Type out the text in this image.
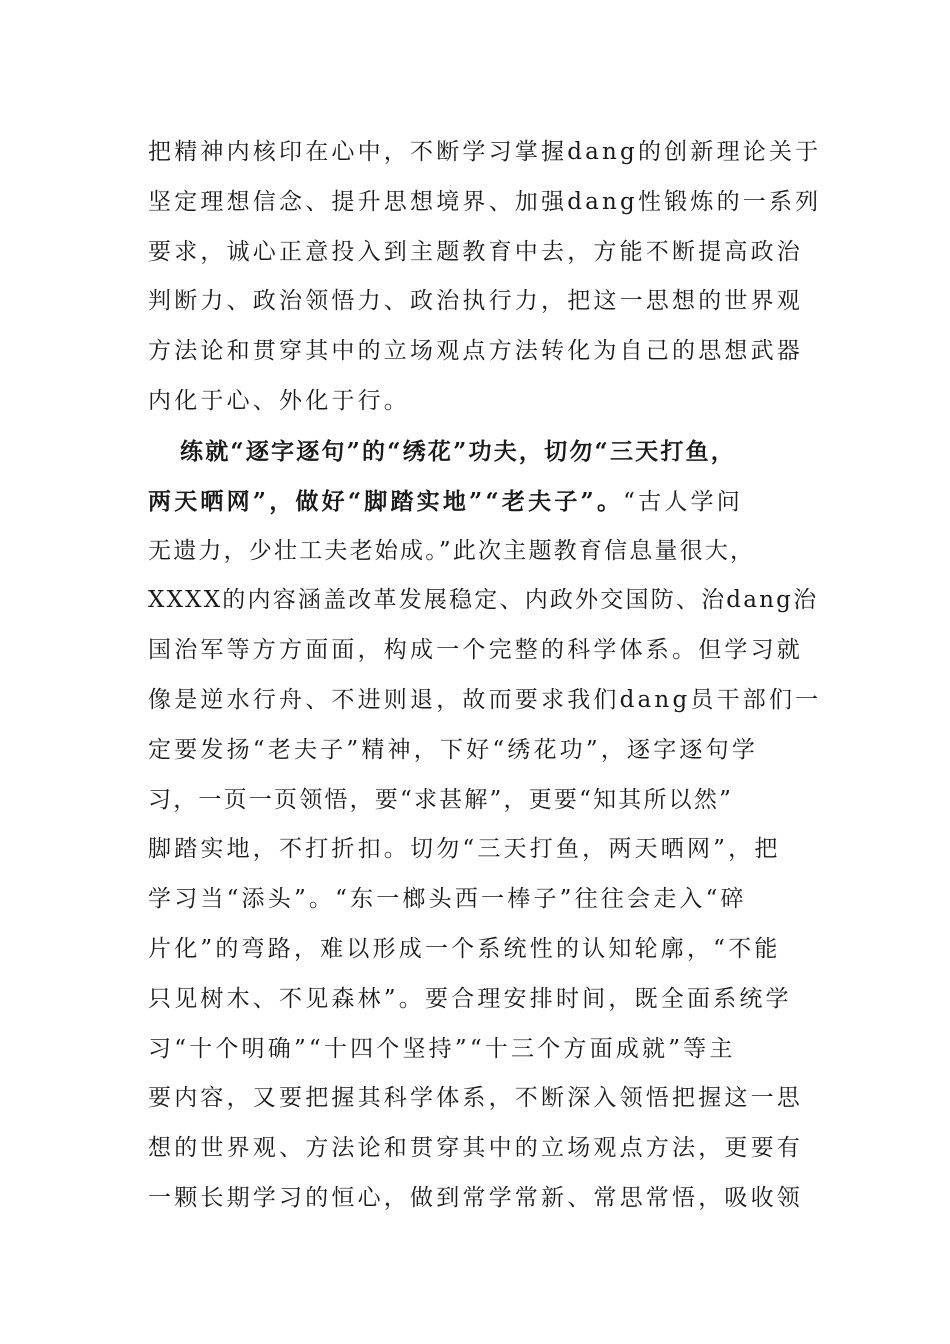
把精神内核印在心中，不断学习掌握dang的创新理论关于
坚定理想信念、提升思想境界、加强dang性锻炼的一系列
要求，诚心正意投入到主题教育中去，方能不断提高政治
判断力、政治领悟力、政治执行力，把这一思想的世界观
方法论和贯穿其中的立场观点方法转化为自己的思想武器
内化于心、外化于行。
练就“逐字逐句”的“绣花”功夫，切勿“三天打鱼，
两天晒网”，做好“脚踏实地”“老夫子”。“古人学问
无遗力，少壮工夫老始成。”此次主题教育信息量很大，
XXXX的内容涵盖改革发展稳定、内政外交国防、治dang治
国治军等方方面面，构成一个完整的科学体系。但学习就
像是逆水行舟、不进则退，故而要求我们dang员干部们一
定要发扬“老夫子”精神，下好“绣花功”，逐字逐句学
习，一页一页领悟，要“求甚解”，更要“知其所以然”
脚踏实地，不打折扣。切勿“三天打鱼，两天晒网”，把
学习当“添头”。“东一榔头西一棒子”往往会走入“碎
片化”的弯路，难以形成一个系统性的认知轮廓，“不能
只见树木、不见森林”。要合理安排时间，既全面系统学
习“十个明确”“十四个坚持”“十三个方面成就”等主
要内容，又要把握其科学体系，不断深入领悟把握这一思
想的世界观、方法论和贯穿其中的立场观点方法，更要有
一颗长期学习的恒心，做到常学常新、常思常悟，吸收领
